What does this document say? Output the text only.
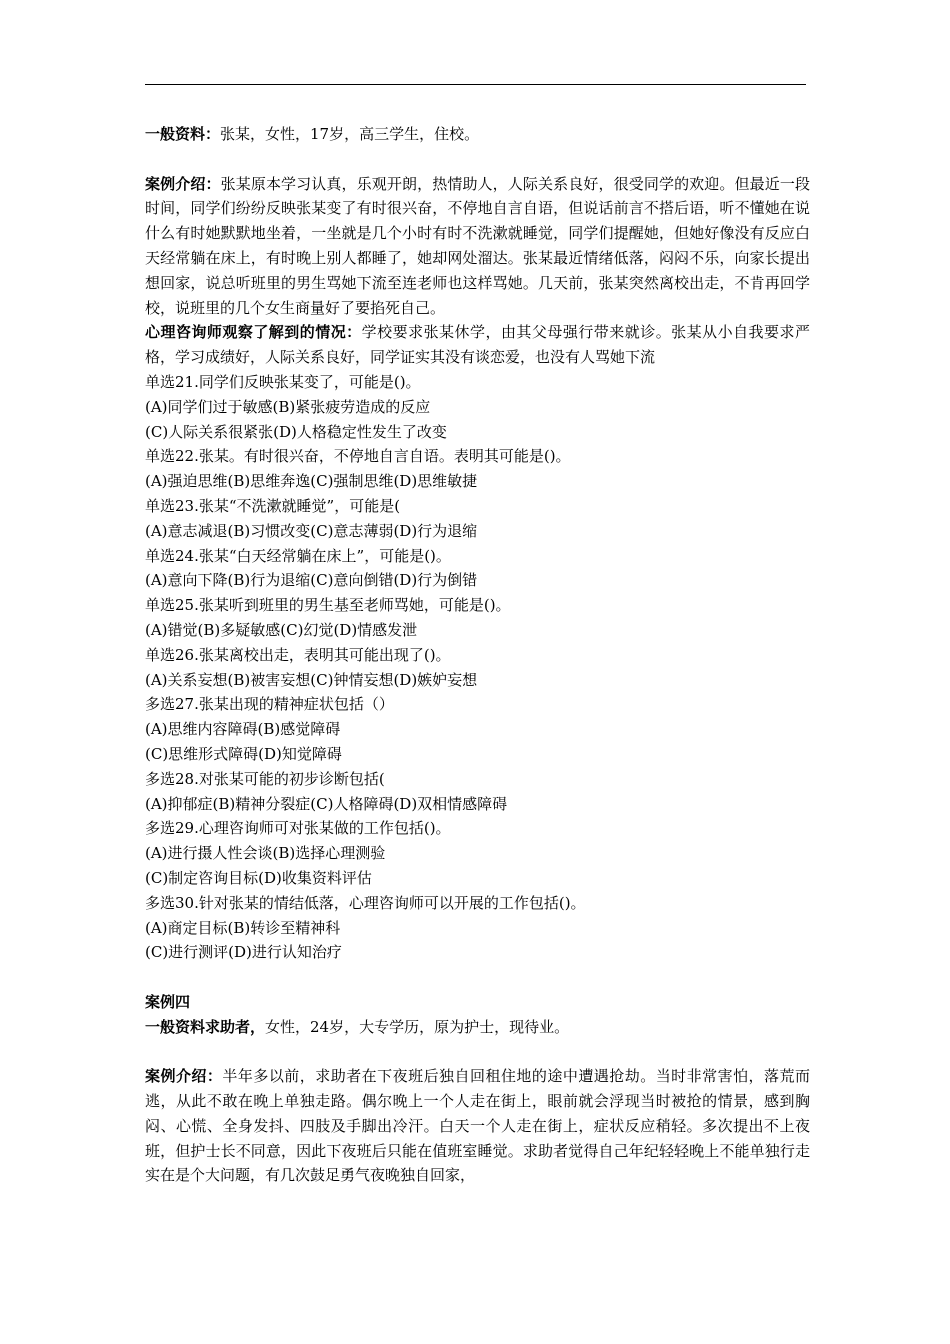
一般资料：张某，女性，17岁，高三学生，住校。

案例介绍：张某原本学习认真，乐观开朗，热情助人，人际关系良好，很受同学的欢迎。但最近一段时间，同学们纷纷反映张某变了有时很兴奋，不停地自言自语，但说话前言不搭后语，听不懂她在说什么有时她默默地坐着，一坐就是几个小时有时不洗漱就睡觉，同学们提醒她，但她好像没有反应白天经常躺在床上，有时晚上别人都睡了，她却网处溜达。张某最近情绪低落，闷闷不乐，向家长提出想回家，说总听班里的男生骂她下流至连老师也这样骂她。几天前，张某突然离校出走，不肯再回学校，说班里的几个女生商量好了要掐死自己。

心理咨询师观察了解到的情况：学校要求张某休学，由其父母强行带来就诊。张某从小自我要求严格，学习成绩好，人际关系良好，同学证实其没有谈恋爱，也没有人骂她下流

单选21.同学们反映张某变了，可能是()。

(A)同学们过于敏感(B)紧张疲劳造成的反应

(C)人际关系很紧张(D)人格稳定性发生了改变

单选22.张某。有时很兴奋，不停地自言自语。表明其可能是()。

(A)强迫思维(B)思维奔逸(C)强制思维(D)思维敏捷

单选23.张某“不洗漱就睡觉”，可能是(

(A)意志减退(B)习惯改变(C)意志薄弱(D)行为退缩

单选24.张某“白天经常躺在床上”，可能是()。

(A)意向下降(B)行为退缩(C)意向倒错(D)行为倒错

单选25.张某听到班里的男生基至老师骂她，可能是()。

(A)错觉(B)多疑敏感(C)幻觉(D)情感发泄

单选26.张某离校出走，表明其可能出现了()。

(A)关系妄想(B)被害妄想(C)钟情妄想(D)嫉妒妄想

多选27.张某出现的精神症状包括（）

(A)思维内容障碍(B)感觉障碍

(C)思维形式障碍(D)知觉障碍

多选28.对张某可能的初步诊断包括(

(A)抑郁症(B)精神分裂症(C)人格障碍(D)双相情感障碍

多选29.心理咨询师可对张某做的工作包括()。

(A)进行摄人性会谈(B)选择心理测验

(C)制定咨询目标(D)收集资料评估

多选30.针对张某的情结低落，心理咨询师可以开展的工作包括()。

(A)商定目标(B)转诊至精神科

(C)进行测评(D)进行认知治疗

案例四

一般资料求助者，女性，24岁，大专学历，原为护士，现待业。

案例介绍：半年多以前，求助者在下夜班后独自回租住地的途中遭遇抢劫。当时非常害怕，落荒而逃，从此不敢在晚上单独走路。偶尔晚上一个人走在街上，眼前就会浮现当时被抢的情景，感到胸闷、心慌、全身发抖、四肢及手脚出冷汗。白天一个人走在街上，症状反应稍轻。多次提出不上夜班，但护士长不同意，因此下夜班后只能在值班室睡觉。求助者觉得自己年纪轻轻晚上不能单独行走实在是个大问题，有几次鼓足勇气夜晚独自回家，
